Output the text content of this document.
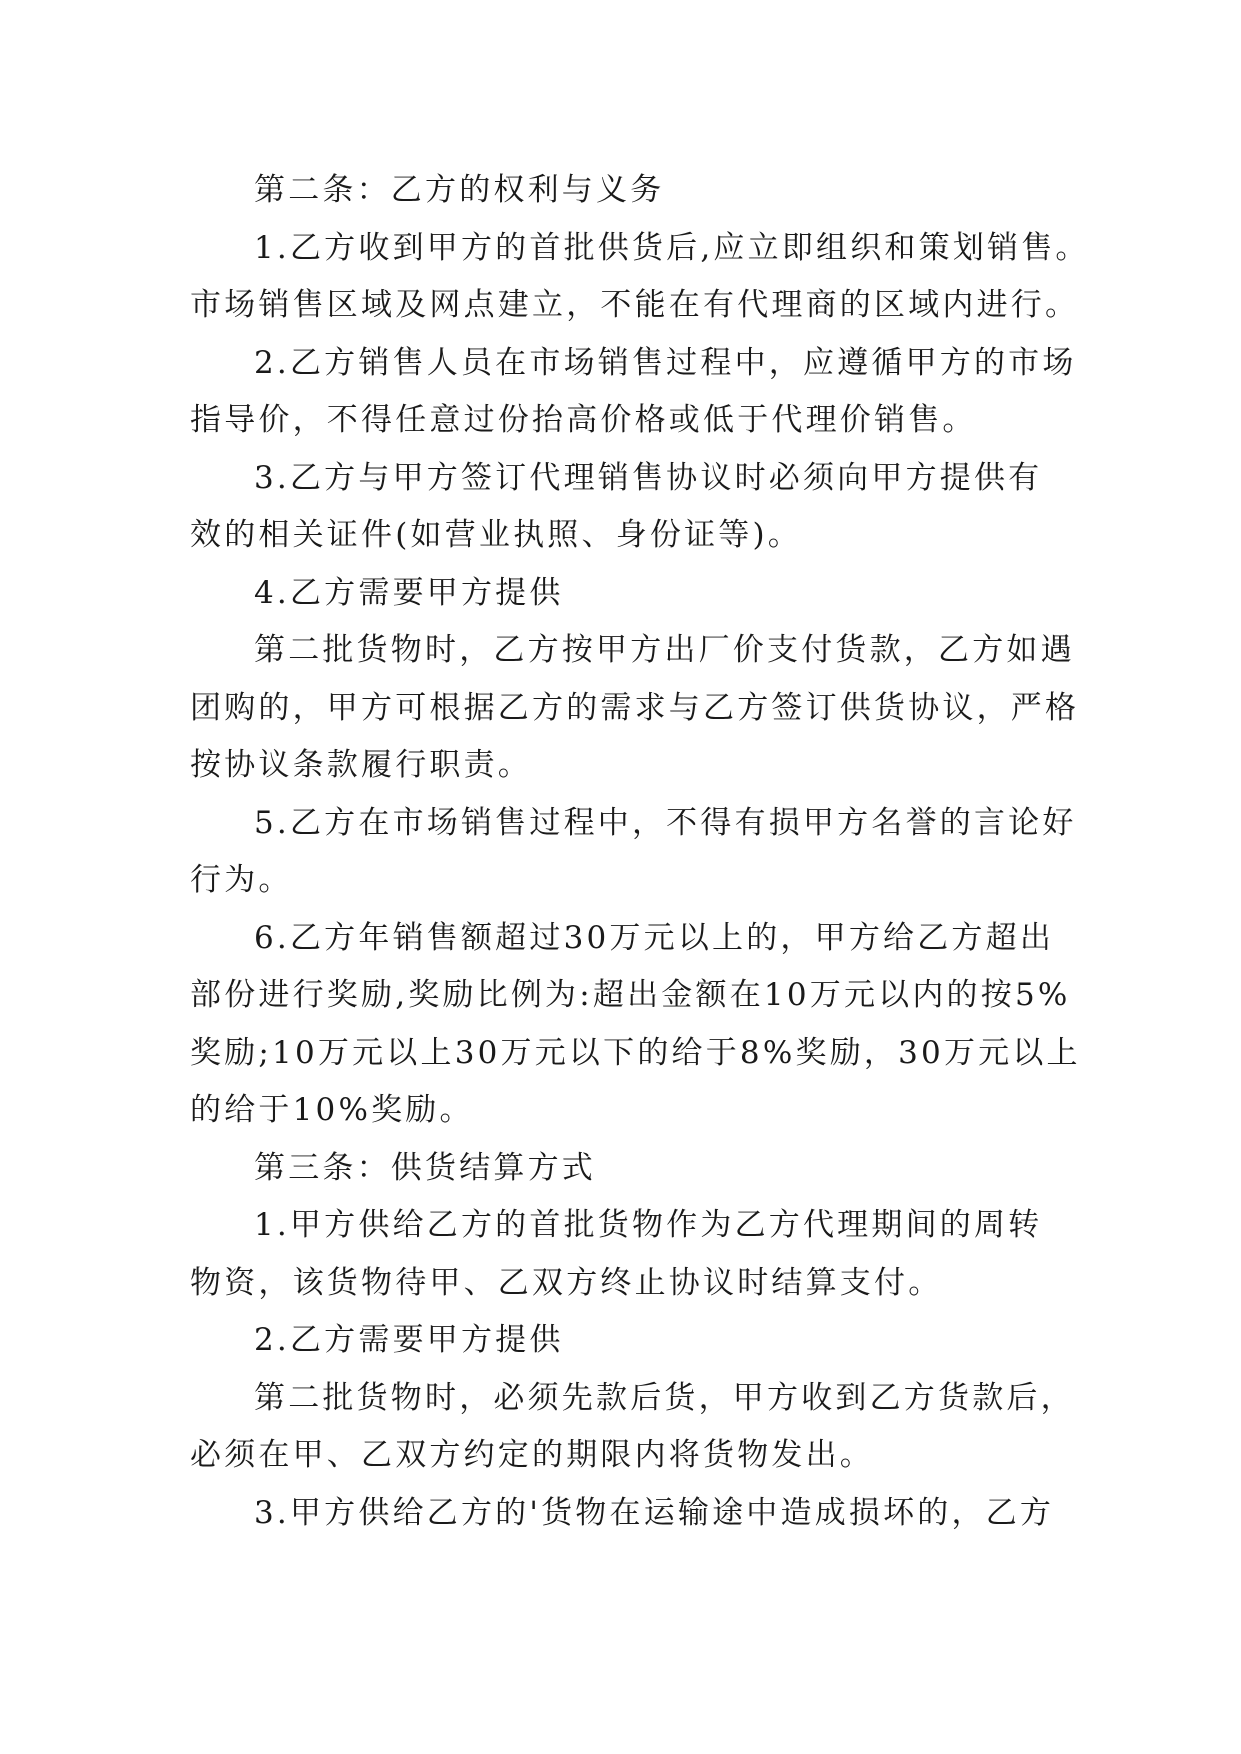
第二条：乙方的权利与义务
1.乙方收到甲方的首批供货后,应立即组织和策划销售。
市场销售区域及网点建立，不能在有代理商的区域内进行。
2.乙方销售人员在市场销售过程中，应遵循甲方的市场
指导价，不得任意过份抬高价格或低于代理价销售。
3.乙方与甲方签订代理销售协议时必须向甲方提供有
效的相关证件(如营业执照、身份证等)。
4.乙方需要甲方提供
第二批货物时，乙方按甲方出厂价支付货款，乙方如遇
团购的，甲方可根据乙方的需求与乙方签订供货协议，严格
按协议条款履行职责。
5.乙方在市场销售过程中，不得有损甲方名誉的言论好
行为。
6.乙方年销售额超过30万元以上的，甲方给乙方超出
部份进行奖励,奖励比例为:超出金额在10万元以内的按5%
奖励;10万元以上30万元以下的给于8%奖励，30万元以上
的给于10%奖励。
第三条：供货结算方式
1.甲方供给乙方的首批货物作为乙方代理期间的周转
物资，该货物待甲、乙双方终止协议时结算支付。
2.乙方需要甲方提供
第二批货物时，必须先款后货，甲方收到乙方货款后，
必须在甲、乙双方约定的期限内将货物发出。
3.甲方供给乙方的'货物在运输途中造成损坏的，乙方
